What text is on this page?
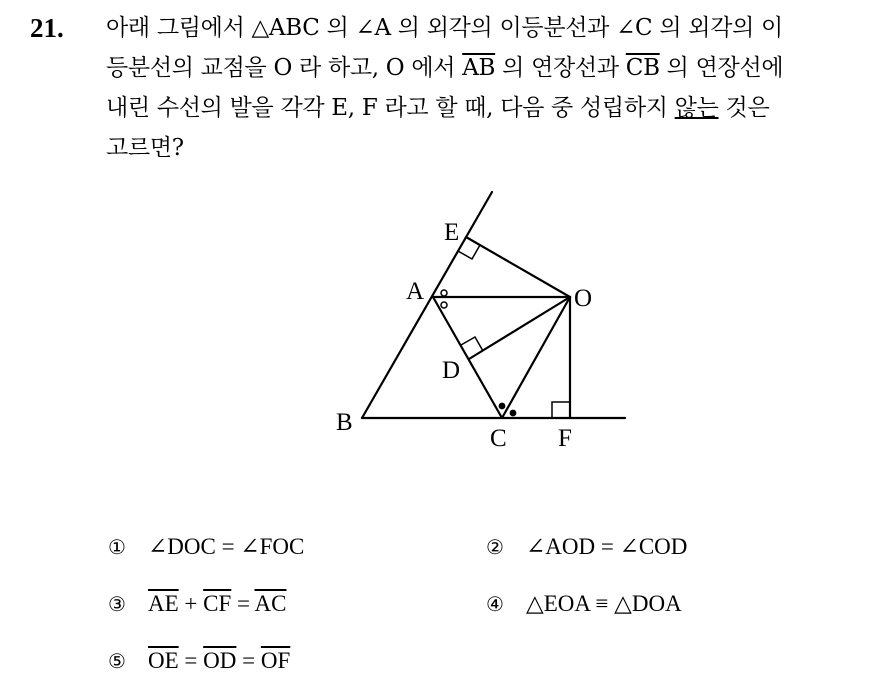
21. 아래 그림에서 △ABC 의 ∠A 의 외각의 이등분선과 ∠C 의 외각의 이
등분선의 교점을 O 라 하고, O 에서 $\overline{AB}$ 의 연장선과 $\overline{CB}$ 의 연장선에
내린 수선의 발을 각각 E, F 라고 할 때, 다음 중 성립하지 않는 것은
고르면?
E
A	O
D
B
C F
① ∠DOC = ∠FOC	② ∠AOD = ∠COD
③ $\overline{AE} + \overline{CF} = \overline{AC}$	④ △EOA ≡ △DOA
⑤ $\overline{OE} = \overline{OD} = \overline{OF}$
